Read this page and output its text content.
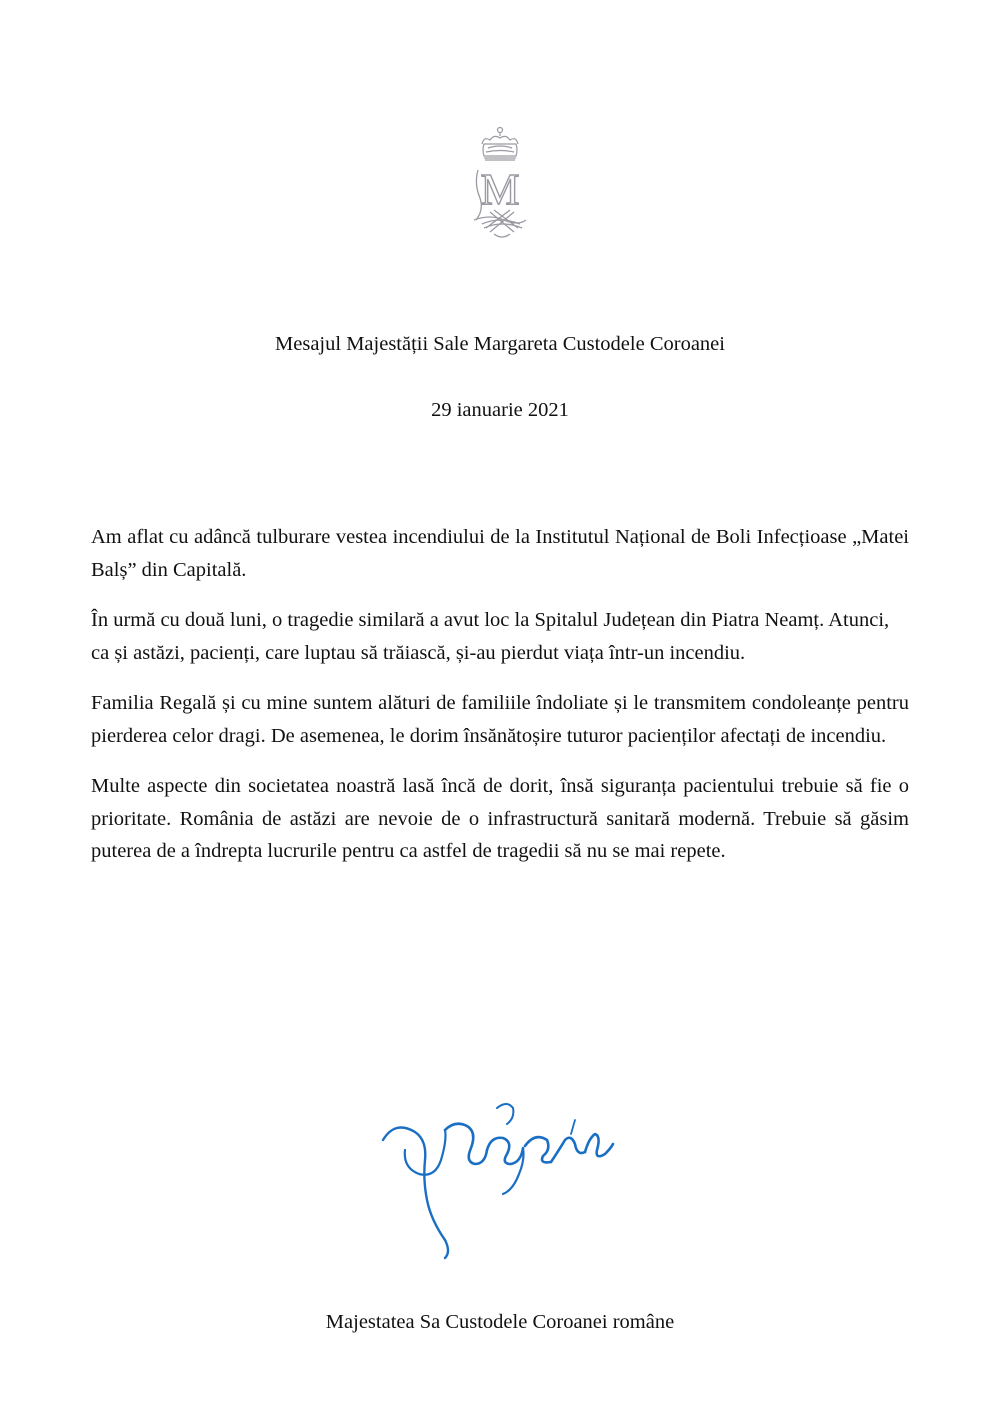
M
Mesajul Majestății Sale Margareta Custodele Coroanei
29 ianuarie 2021

Am aflat cu adâncă tulburare vestea incendiului de la Institutul Național de Boli Infecțioase „Matei Balș” din Capitală.

În urmă cu două luni, o tragedie similară a avut loc la Spitalul Județean din Piatra Neamț. Atunci, ca și astăzi, pacienți, care luptau să trăiască, și-au pierdut viața într-un incendiu.

Familia Regală și cu mine suntem alături de familiile îndoliate și le transmitem condoleanțe pentru pierderea celor dragi. De asemenea, le dorim însănătoșire tuturor pacienților afectați de incendiu.

Multe aspecte din societatea noastră lasă încă de dorit, însă siguranța pacientului trebuie să fie o prioritate. România de astăzi are nevoie de o infrastructură sanitară modernă. Trebuie să găsim puterea de a îndrepta lucrurile pentru ca astfel de tragedii să nu se mai repete.

Majestatea Sa Custodele Coroanei române
